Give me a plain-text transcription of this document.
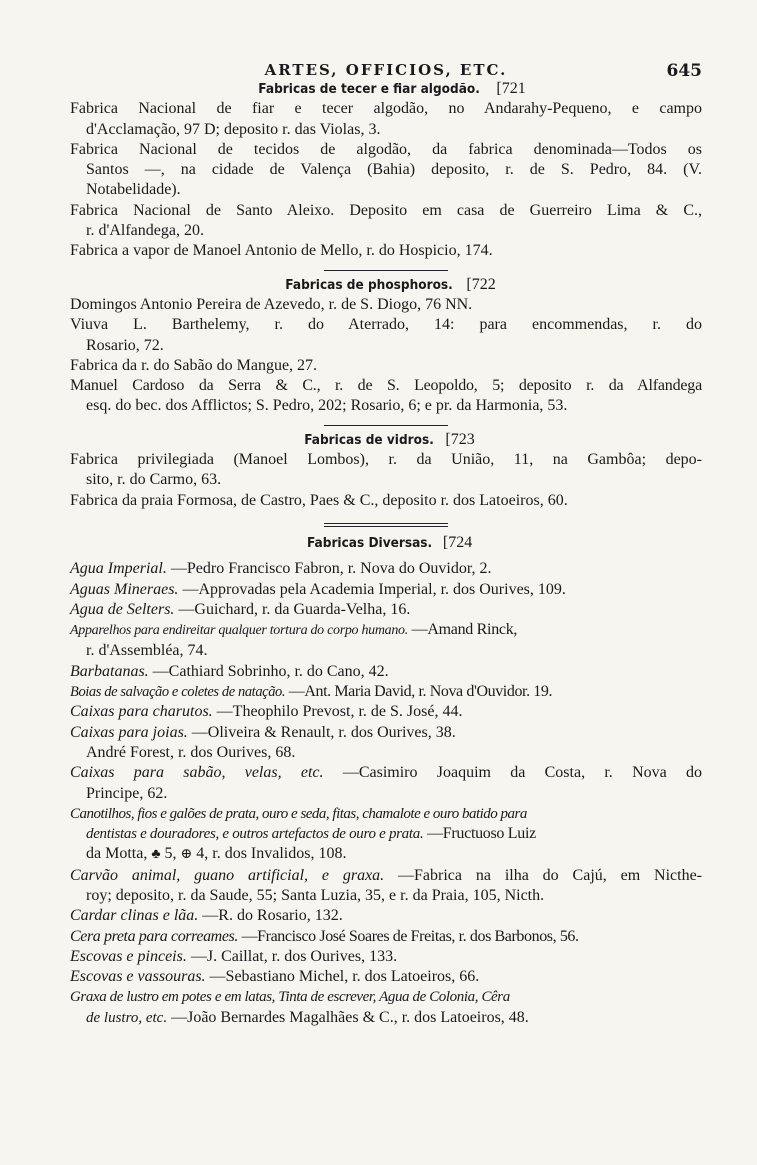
ARTES, OFFICIOS, ETC.	645
Fabricas de tecer e fiar algodão. [721
Fabrica Nacional de fiar e tecer algodão, no Andarahy-Pequeno, e campo
d'Acclamação, 97 D; deposito r. das Violas, 3.
Fabrica Nacional de tecidos de algodão, da fabrica denominada—Todos os
Santos —, na cidade de Valença (Bahia) deposito, r. de S. Pedro, 84. (V.
Notabelidade).
Fabrica Nacional de Santo Aleixo. Deposito em casa de Guerreiro Lima & C.,
r. d'Alfandega, 20.
Fabrica a vapor de Manoel Antonio de Mello, r. do Hospicio, 174.
Fabricas de phosphoros. [722
Domingos Antonio Pereira de Azevedo, r. de S. Diogo, 76 NN.
Viuva L. Barthelemy, r. do Aterrado, 14: para encommendas, r. do
Rosario, 72.
Fabrica da r. do Sabão do Mangue, 27.
Manuel Cardoso da Serra & C., r. de S. Leopoldo, 5; deposito r. da Alfandega
esq. do bec. dos Afflictos; S. Pedro, 202; Rosario, 6; e pr. da Harmonia, 53.
Fabricas de vidros. [723
Fabrica privilegiada (Manoel Lombos), r. da União, 11, na Gambôa; depo-
sito, r. do Carmo, 63.
Fabrica da praia Formosa, de Castro, Paes & C., deposito r. dos Latoeiros, 60.
Fabricas Diversas. [724
Agua Imperial. —Pedro Francisco Fabron, r. Nova do Ouvidor, 2.
Aguas Mineraes. —Approvadas pela Academia Imperial, r. dos Ourives, 109.
Agua de Selters. —Guichard, r. da Guarda-Velha, 16.
Apparelhos para endireitar qualquer tortura do corpo humano. —Amand Rinck,
r. d'Assembléa, 74.
Barbatanas. —Cathiard Sobrinho, r. do Cano, 42.
Boias de salvação e coletes de natação. —Ant. Maria David, r. Nova d'Ouvidor. 19.
Caixas para charutos. —Theophilo Prevost, r. de S. José, 44.
Caixas para joias. —Oliveira & Renault, r. dos Ourives, 38.
André Forest, r. dos Ourives, 68.
Caixas para sabão, velas, etc. —Casimiro Joaquim da Costa, r. Nova do
Principe, 62.
Canotilhos, fios e galões de prata, ouro e seda, fitas, chamalote e ouro batido para
dentistas e douradores, e outros artefactos de ouro e prata. —Fructuoso Luiz
da Motta, ♣ 5, ⊕ 4, r. dos Invalidos, 108.
Carvão animal, guano artificial, e graxa. —Fabrica na ilha do Cajú, em Nicthe-
roy; deposito, r. da Saude, 55; Santa Luzia, 35, e r. da Praia, 105, Nicth.
Cardar clinas e lãa. —R. do Rosario, 132.
Cera preta para correames. —Francisco José Soares de Freitas, r. dos Barbonos, 56.
Escovas e pinceis. —J. Caillat, r. dos Ourives, 133.
Escovas e vassouras. —Sebastiano Michel, r. dos Latoeiros, 66.
Graxa de lustro em potes e em latas, Tinta de escrever, Agua de Colonia, Cêra
de lustro, etc. —João Bernardes Magalhães & C., r. dos Latoeiros, 48.
